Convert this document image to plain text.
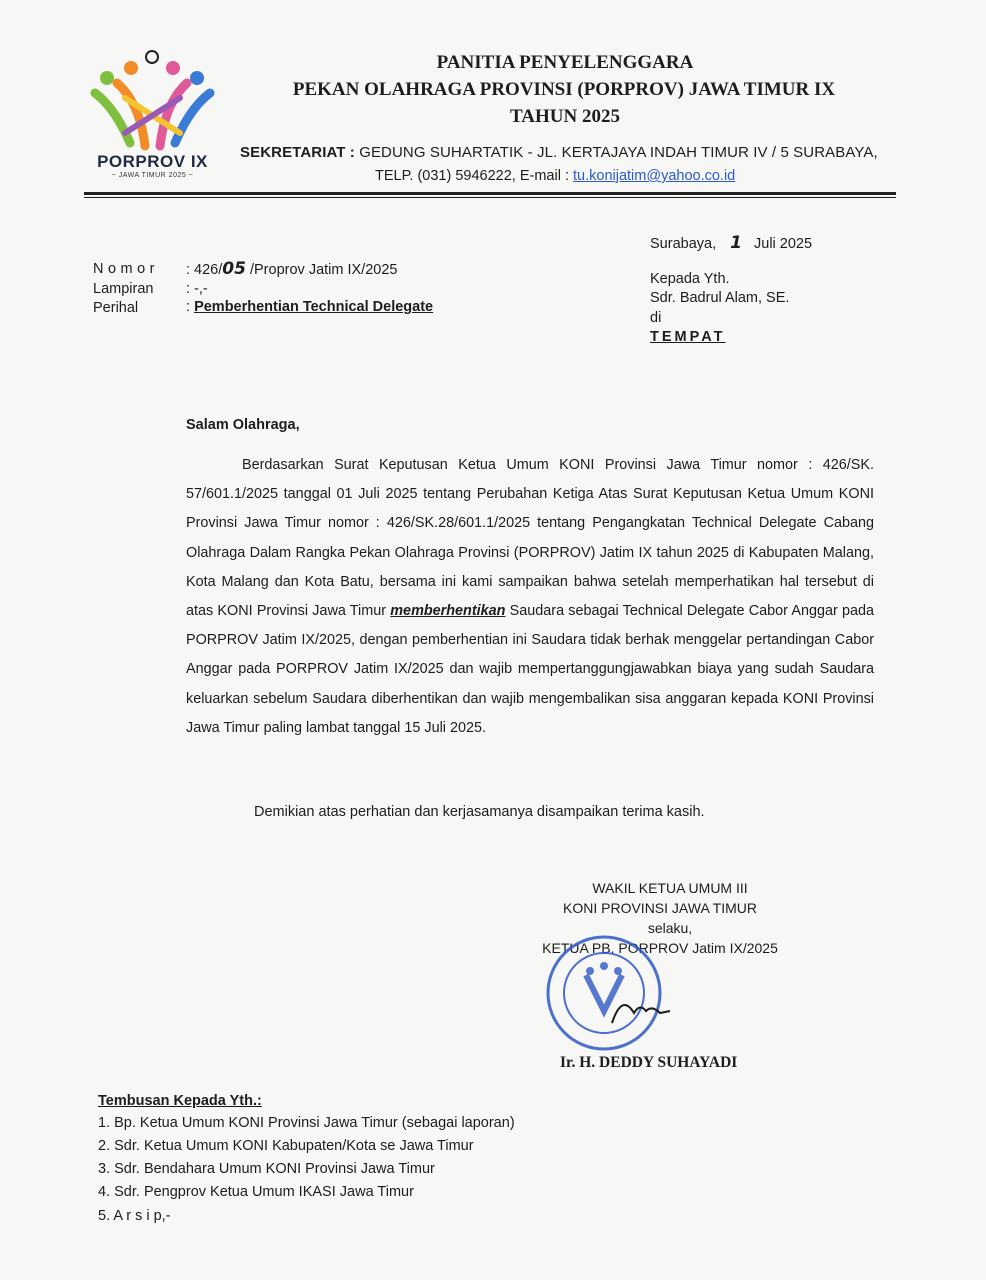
PORPROV IX
~ JAWA TIMUR 2025 ~
PANITIA PENYELENGGARA
PEKAN OLAHRAGA PROVINSI (PORPROV) JAWA TIMUR IX
TAHUN 2025
SEKRETARIAT : GEDUNG SUHARTATIK - JL. KERTAJAYA INDAH TIMUR IV / 5 SURABAYA,
TELP. (031) 5946222, E-mail : tu.konijatim@yahoo.co.id
Nomor : 426/05 /Proprov Jatim IX/2025
Lampiran : -,-
Perihal	: Pemberhentian Technical Delegate
Surabaya, 1 Juli 2025
Kepada Yth.
Sdr. Badrul Alam, SE.
di
TEMPAT
Salam Olahraga,

Berdasarkan Surat Keputusan Ketua Umum KONI Provinsi Jawa Timur nomor : 426/SK. 57/601.1/2025 tanggal 01 Juli 2025 tentang Perubahan Ketiga Atas Surat Keputusan Ketua Umum KONI Provinsi Jawa Timur nomor : 426/SK.28/601.1/2025 tentang Pengangkatan Technical Delegate Cabang Olahraga Dalam Rangka Pekan Olahraga Provinsi (PORPROV) Jatim IX tahun 2025 di Kabupaten Malang, Kota Malang dan Kota Batu, bersama ini kami sampaikan bahwa setelah memperhatikan hal tersebut di atas KONI Provinsi Jawa Timur memberhentikan Saudara sebagai Technical Delegate Cabor Anggar pada PORPROV Jatim IX/2025, dengan pemberhentian ini Saudara tidak berhak menggelar pertandingan Cabor Anggar pada PORPROV Jatim IX/2025 dan wajib mempertanggungjawabkan biaya yang sudah Saudara keluarkan sebelum Saudara diberhentikan dan wajib mengembalikan sisa anggaran kepada KONI Provinsi Jawa Timur paling lambat tanggal 15 Juli 2025.

Demikian atas perhatian dan kerjasamanya disampaikan terima kasih.
WAKIL KETUA UMUM III
KONI PROVINSI JAWA TIMUR
selaku,
KETUA PB. PORPROV Jatim IX/2025
Ir. H. DEDDY SUHAYADI
Tembusan Kepada Yth.:
1. Bp. Ketua Umum KONI Provinsi Jawa Timur (sebagai laporan)
2. Sdr. Ketua Umum KONI Kabupaten/Kota se Jawa Timur
3. Sdr. Bendahara Umum KONI Provinsi Jawa Timur
4. Sdr. Pengprov Ketua Umum IKASI Jawa Timur
5. A r s i p,-
